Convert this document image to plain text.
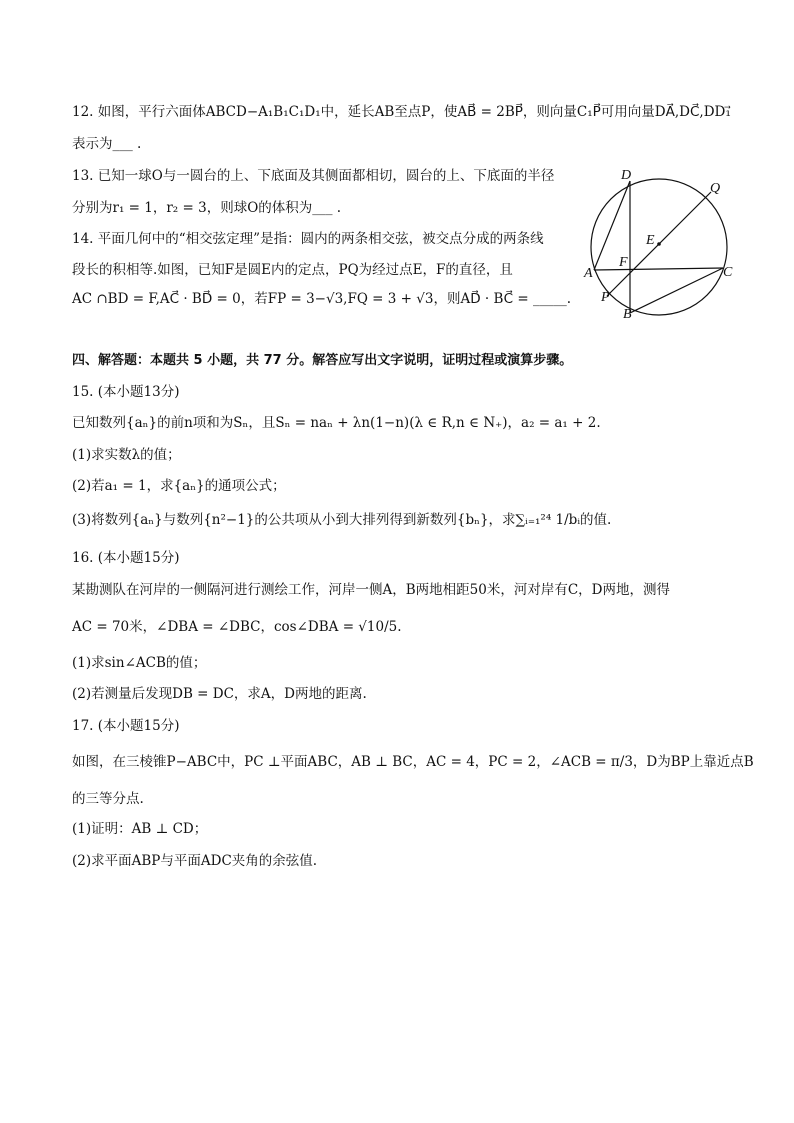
12. 如图，平行六面体ABCD−A₁B₁C₁D₁中，延长AB至点P，使AB⃗ = 2BP⃗，则向量C₁P⃗可用向量DA⃗,DC⃗,DD₁⃗
表示为___ .
13. 已知一球O与一圆台的上、下底面及其侧面都相切，圆台的上、下底面的半径
分别为r₁ = 1，r₂ = 3，则球O的体积为___ .
14. 平面几何中的“相交弦定理”是指：圆内的两条相交弦，被交点分成的两条线
段长的积相等.如图，已知F是圆E内的定点，PQ为经过点E，F的直径，且
AC ∩BD = F,AC⃗ · BD⃗ = 0，若FP = 3−√3,FQ = 3 + √3，则AD⃗ · BC⃗ = _____.
D
Q
E
A
F
C
P
B
四、解答题：本题共 5 小题，共 77 分。解答应写出文字说明，证明过程或演算步骤。
15. (本小题13分)
已知数列{aₙ}的前n项和为Sₙ，且Sₙ = naₙ + λn(1−n)(λ ∈ R,n ∈ N₊)，a₂ = a₁ + 2.
(1)求实数λ的值；
(2)若a₁ = 1，求{aₙ}的通项公式；
(3)将数列{aₙ}与数列{n²−1}的公共项从小到大排列得到新数列{bₙ}，求∑ᵢ₌₁²⁴ 1/bᵢ的值.
16. (本小题15分)
某勘测队在河岸的一侧隔河进行测绘工作，河岸一侧A，B两地相距50米，河对岸有C，D两地，测得
AC = 70米，∠DBA = ∠DBC，cos∠DBA = √10/5.
(1)求sin∠ACB的值；
(2)若测量后发现DB = DC，求A，D两地的距离.
17. (本小题15分)
如图，在三棱锥P−ABC中，PC ⊥平面ABC，AB ⊥ BC，AC = 4，PC = 2，∠ACB = π/3，D为BP上靠近点B
的三等分点.
(1)证明：AB ⊥ CD；
(2)求平面ABP与平面ADC夹角的余弦值.
